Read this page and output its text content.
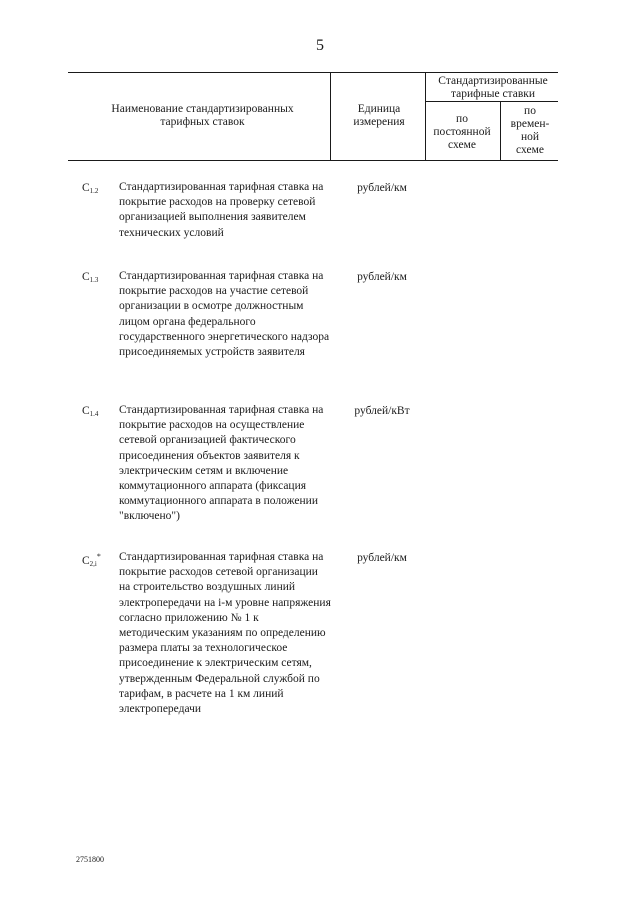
5
Наименование стандартизированных тарифных ставок
Единица измерения
Стандартизированные тарифные ставки
по постоянной схеме
по времен- ной схеме
$C_{1.2}$ Стандартизированная тарифная ставка на покрытие расходов на проверку сетевой организацией выполнения заявителем технических условий
рублей/км
$C_{1.3}$ Стандартизированная тарифная ставка на покрытие расходов на участие сетевой организации в осмотре должностным лицом органа федерального государственного энергетического надзора присоединяемых устройств заявителя
рублей/км
$C_{1.4}$ Стандартизированная тарифная ставка на покрытие расходов на осуществление сетевой организацией фактического присоединения объектов заявителя к электрическим сетям и включение коммутационного аппарата (фиксация коммутационного аппарата в положении "включено")
рублей/кВт
$C_{2,i}^*$ Стандартизированная тарифная ставка на покрытие расходов сетевой организации на строительство воздушных линий электропередачи на i-м уровне напряжения согласно приложению № 1 к методическим указаниям по определению размера платы за технологическое присоединение к электрическим сетям, утвержденным Федеральной службой по тарифам, в расчете на 1 км линий электропередачи
рублей/км
2751800
